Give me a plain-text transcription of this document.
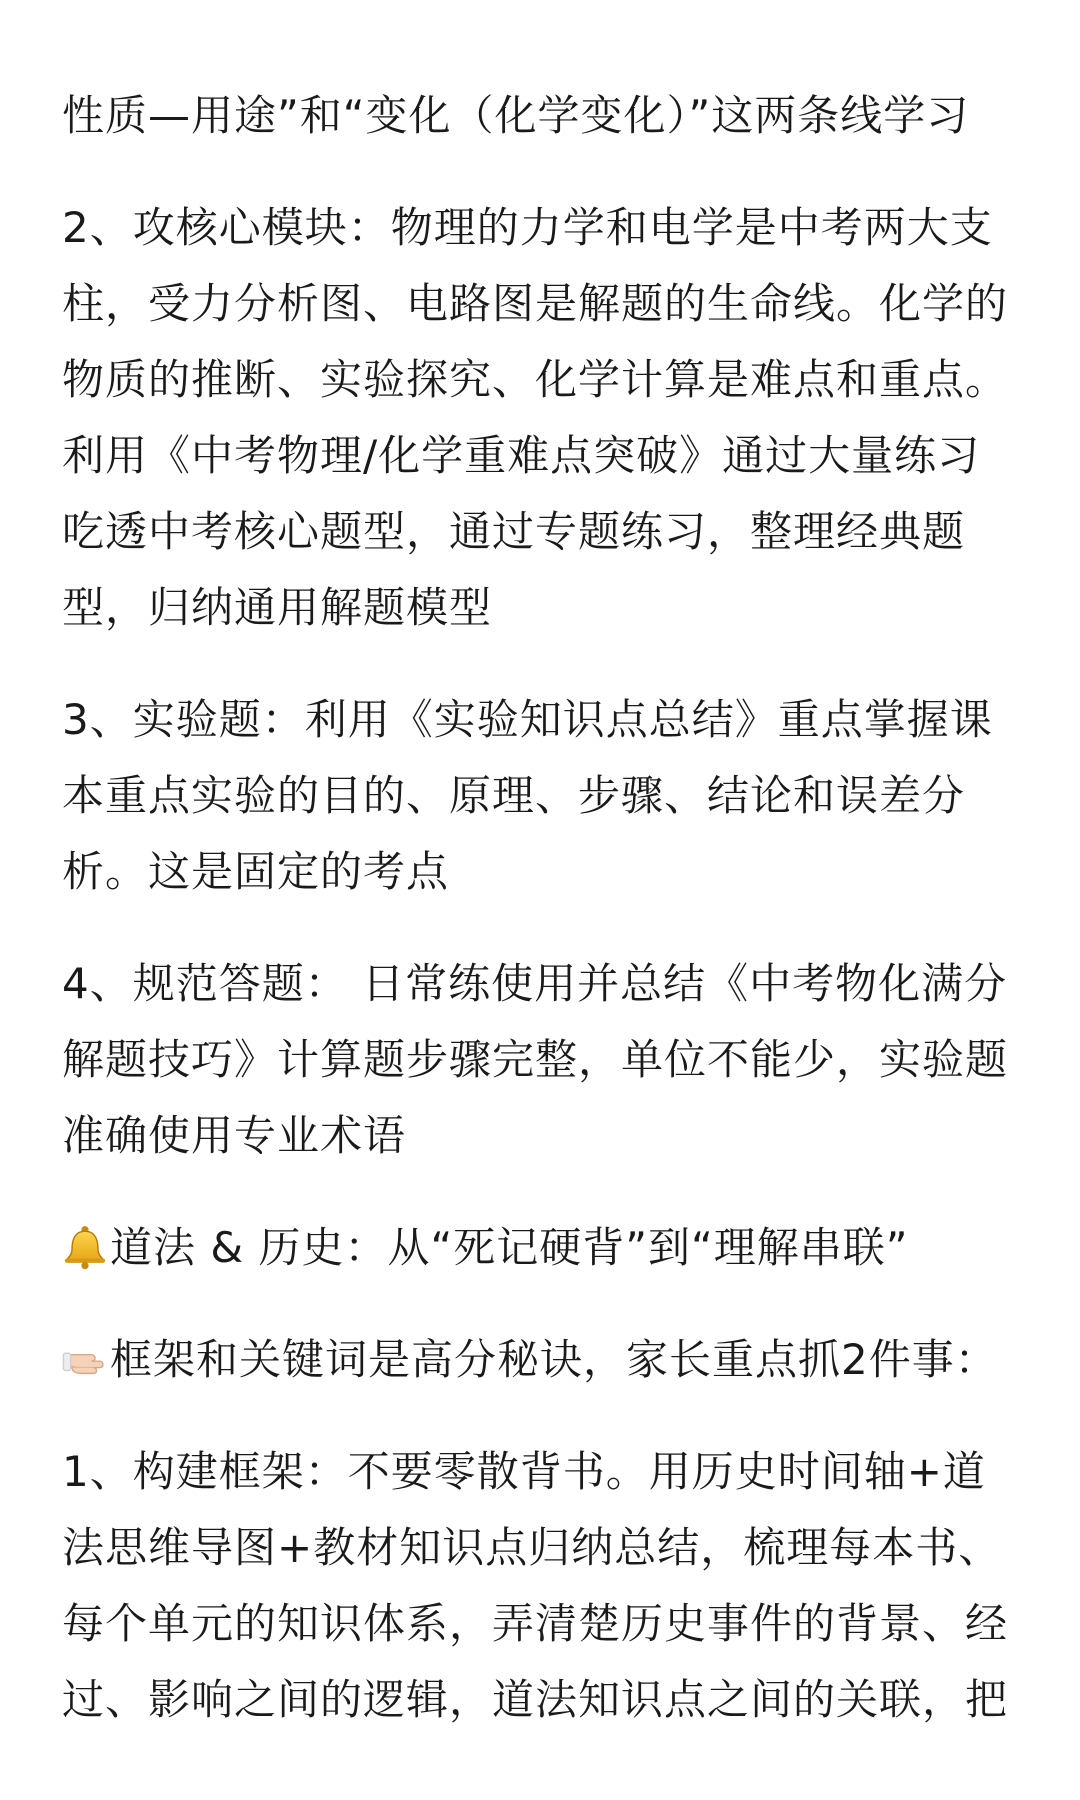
性质—用途”和“变化（化学变化）”这两条线学习

2、攻核心模块：物理的力学和电学是中考两大支柱，受力分析图、电路图是解题的生命线。化学的物质的推断、实验探究、化学计算是难点和重点。利用《中考物理/化学重难点突破》通过大量练习吃透中考核心题型，通过专题练习，整理经典题型，归纳通用解题模型

3、实验题：利用《实验知识点总结》重点掌握课本重点实验的目的、原理、步骤、结论和误差分析。这是固定的考点

4、规范答题： 日常练使用并总结《中考物化满分解题技巧》计算题步骤完整，单位不能少，实验题准确使用专业术语

道法 & 历史：从“死记硬背”到“理解串联”

框架和关键词是高分秘诀，家长重点抓2件事：

1、构建框架：不要零散背书。用历史时间轴+道法思维导图+教材知识点归纳总结，梳理每本书、每个单元的知识体系，弄清楚历史事件的背景、经过、影响之间的逻辑，道法知识点之间的关联，把
